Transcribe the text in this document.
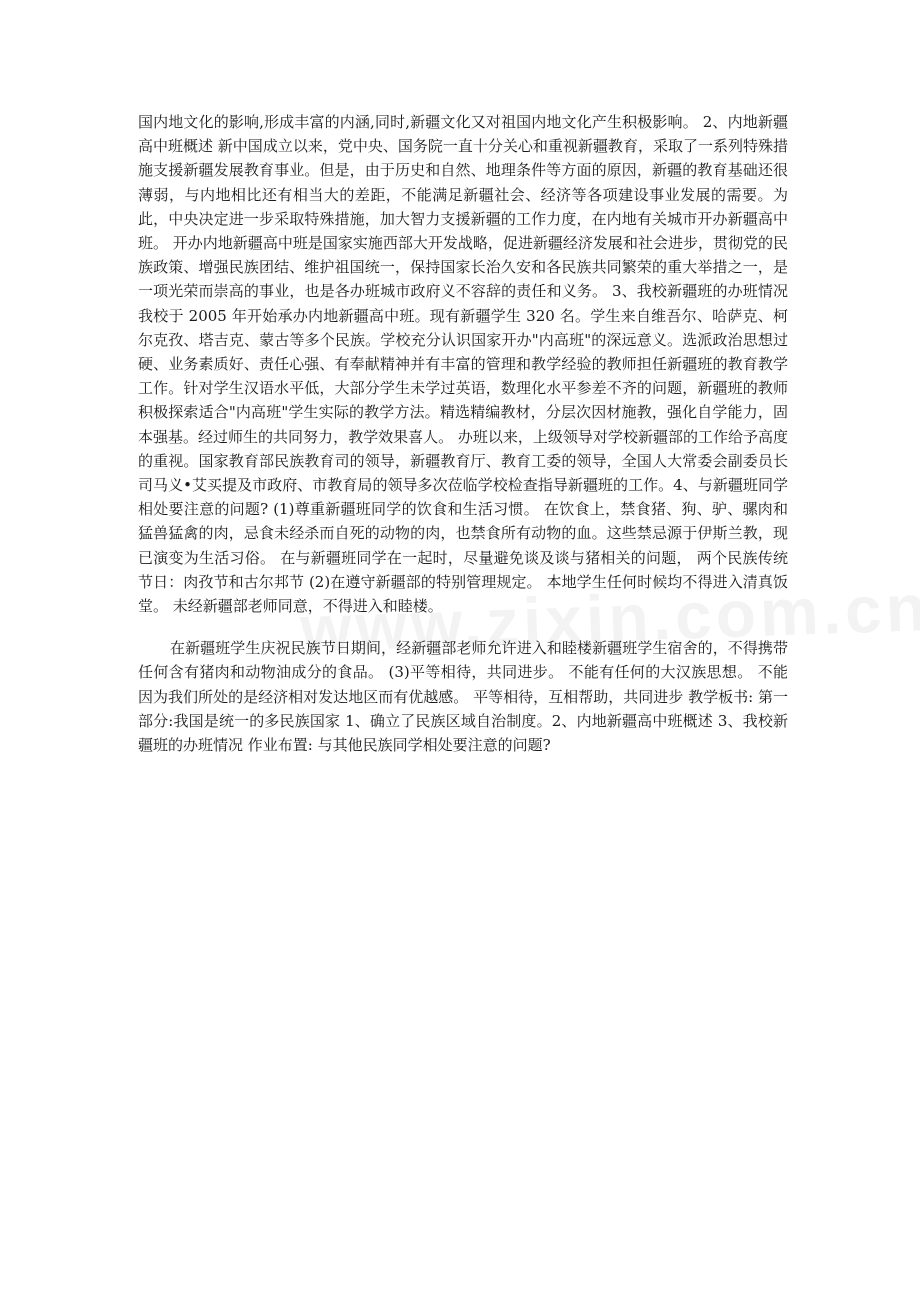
国内地文化的影响,形成丰富的内涵,同时,新疆文化又对祖国内地文化产生积极影响。 2、内地新疆高中班概述 新中国成立以来，党中央、国务院一直十分关心和重视新疆教育，采取了一系列特殊措施支援新疆发展教育事业。但是，由于历史和自然、地理条件等方面的原因，新疆的教育基础还很薄弱，与内地相比还有相当大的差距，不能满足新疆社会、经济等各项建设事业发展的需要。为此，中央决定进一步采取特殊措施，加大智力支援新疆的工作力度，在内地有关城市开办新疆高中班。 开办内地新疆高中班是国家实施西部大开发战略，促进新疆经济发展和社会进步，贯彻党的民族政策、增强民族团结、维护祖国统一，保持国家长治久安和各民族共同繁荣的重大举措之一，是一项光荣而崇高的事业，也是各办班城市政府义不容辞的责任和义务。 3、我校新疆班的办班情况 我校于 2005 年开始承办内地新疆高中班。现有新疆学生 320 名。学生来自维吾尔、哈萨克、柯尔克孜、塔吉克、蒙古等多个民族。学校充分认识国家开办"内高班"的深远意义。选派政治思想过硬、业务素质好、责任心强、有奉献精神并有丰富的管理和教学经验的教师担任新疆班的教育教学工作。针对学生汉语水平低，大部分学生未学过英语，数理化水平参差不齐的问题，新疆班的教师积极探索适合"内高班"学生实际的教学方法。精选精编教材，分层次因材施教，强化自学能力，固本强基。经过师生的共同努力，教学效果喜人。 办班以来，上级领导对学校新疆部的工作给予高度的重视。国家教育部民族教育司的领导，新疆教育厅、教育工委的领导，全国人大常委会副委员长司马义•艾买提及市政府、市教育局的领导多次莅临学校检查指导新疆班的工作。4、与新疆班同学相处要注意的问题? (1)尊重新疆班同学的饮食和生活习惯。 在饮食上，禁食猪、狗、驴、骡肉和猛兽猛禽的肉，忌食未经杀而自死的动物的肉，也禁食所有动物的血。这些禁忌源于伊斯兰教，现已演变为生活习俗。 在与新疆班同学在一起时，尽量避免谈及谈与猪相关的问题， 两个民族传统节日：肉孜节和古尔邦节 (2)在遵守新疆部的特别管理规定。 本地学生任何时候均不得进入清真饭堂。 未经新疆部老师同意，不得进入和睦楼。

在新疆班学生庆祝民族节日期间，经新疆部老师允许进入和睦楼新疆班学生宿舍的，不得携带任何含有猪肉和动物油成分的食品。 (3)平等相待，共同进步。 不能有任何的大汉族思想。 不能因为我们所处的是经济相对发达地区而有优越感。 平等相待，互相帮助，共同进步 教学板书: 第一部分:我国是统一的多民族国家 1、确立了民族区域自治制度。2、内地新疆高中班概述 3、我校新疆班的办班情况 作业布置: 与其他民族同学相处要注意的问题?
